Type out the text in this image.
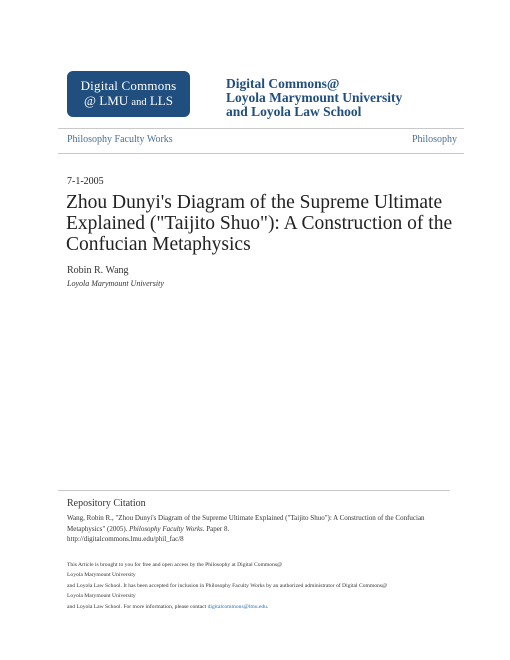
Digital Commons
@ LMU and LLS
Digital Commons@
Loyola Marymount University
and Loyola Law School
Philosophy Faculty Works	Philosophy
7-1-2005
Zhou Dunyi's Diagram of the Supreme Ultimate Explained ("Taijito Shuo"): A Construction of the Confucian Metaphysics
Robin R. Wang
Loyola Marymount University
Repository Citation
Wang, Robin R., "Zhou Dunyi's Diagram of the Supreme Ultimate Explained ("Taijito Shuo"): A Construction of the Confucian Metaphysics" (2005). Philosophy Faculty Works. Paper 8.
http://digitalcommons.lmu.edu/phil_fac/8
This Article is brought to you for free and open access by the Philosophy at Digital Commons@
Loyola Marymount University
and Loyola Law School. It has been accepted for inclusion in Philosophy Faculty Works by an authorized administrator of Digital Commons@
Loyola Marymount University
and Loyola Law School. For more information, please contact digitalcommons@lmu.edu.
